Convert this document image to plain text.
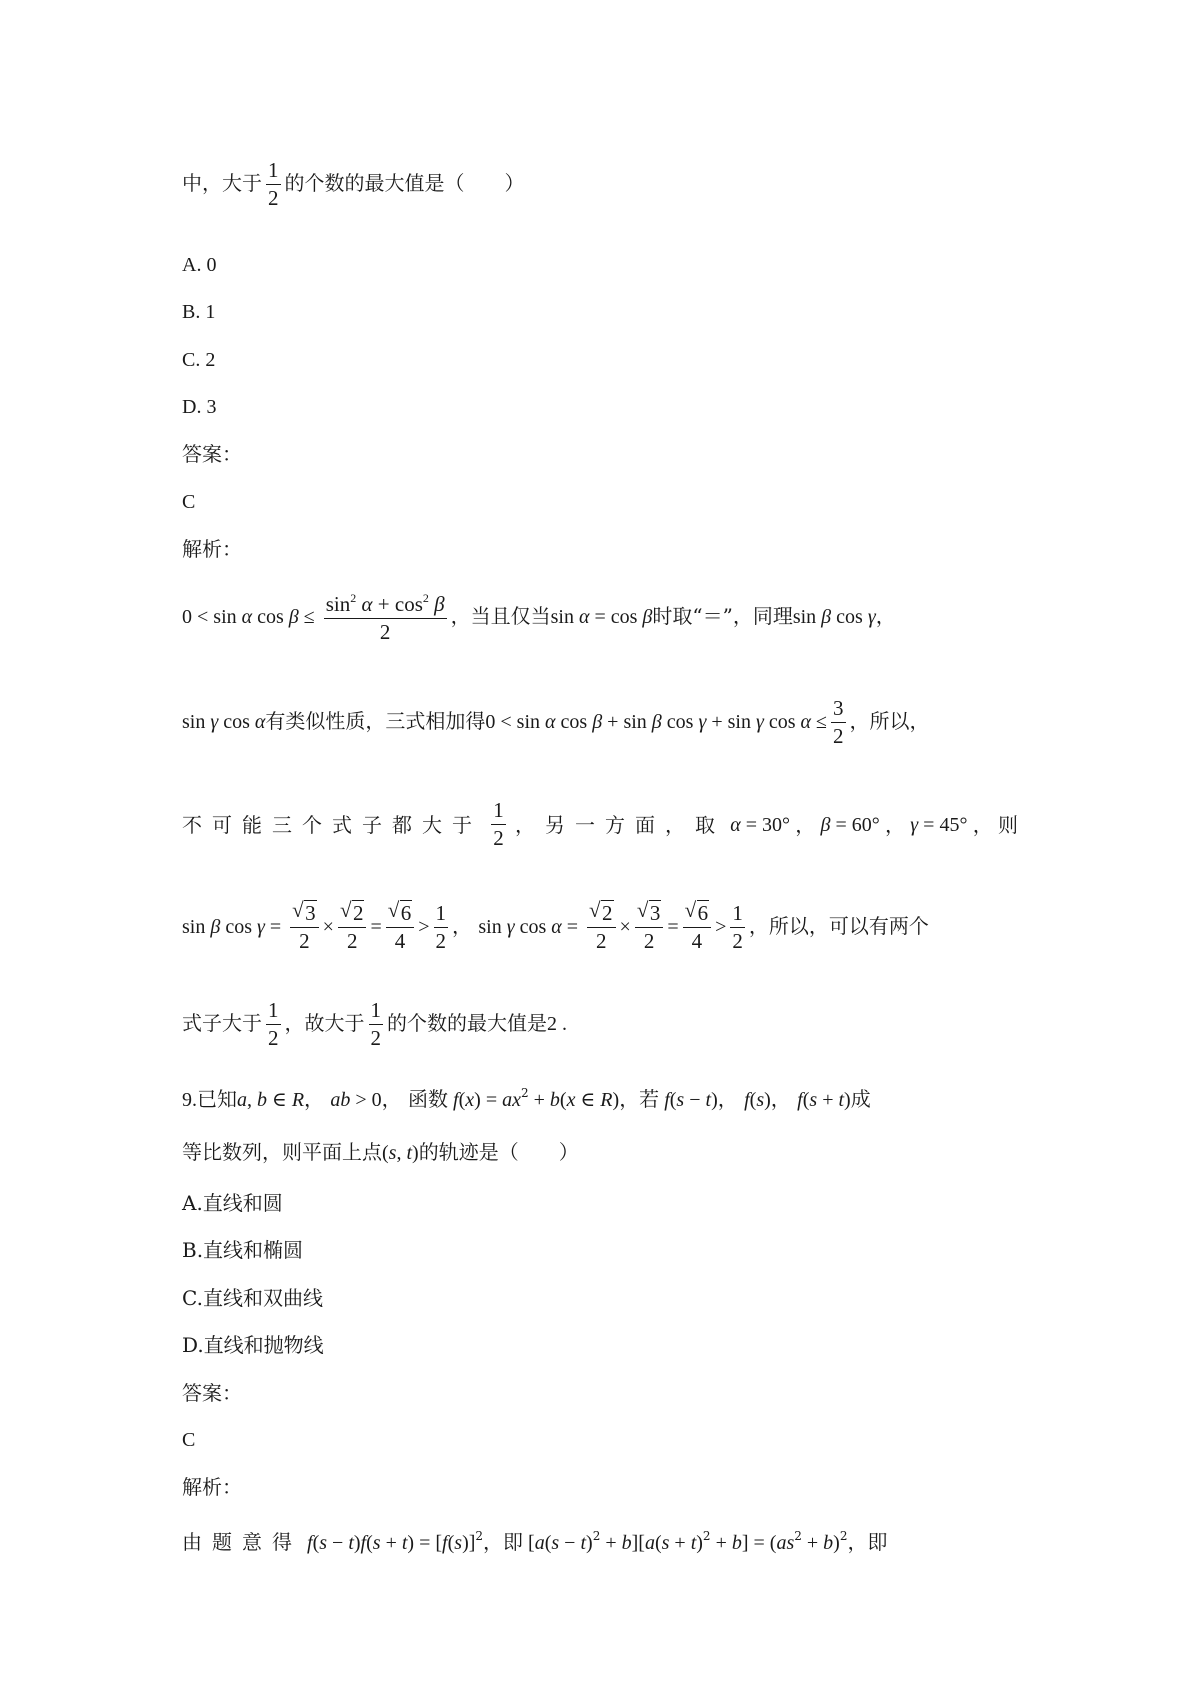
中，大于 $\frac{1}{2}$ 的个数的最大值是（　　）
A. 0
B. 1
C. 2
D. 3
答案：
C
解析：
0 < sin α $\cos \beta \le \frac{\sin^2 \alpha + \cos^2 \beta}{2}$ ，当且仅当sin α = cos β时取“＝”，同理sin β cos γ，
sin γ cos α有类似性质，三式相加得0 < sin α cos β + sin β cos γ + sin γ $\cos \alpha \le \frac{3}{2}$ ，所以，
不可能三个式子都大于 $\frac{1}{2}$ ，另一方面，取 α = 30° ， β = 60° ， γ = 45° ， 则
sin β cos γ = √ $\frac{3}{2}$ × √ $\frac{2}{2}$ = √ $\frac{6}{4} > \frac{1}{2}$ ， sin γ cos α = √ $\frac{2}{2}$ × √ $\frac{3}{2}$ = √ $\frac{6}{4} > \frac{1}{2}$ ，所以，可以有两个
式子大于 $\frac{1}{2}$ ，故大于 $\frac{1}{2}$ 的个数的最大值是2 .
9.已知a, b ∈ R， ab > 0， 函数 $f(x) = ax^2 + b(x$ ∈ R)，若 f(s − t)， f(s)， f(s + t)成
等比数列，则平面上点(s, t)的轨迹是（　　）
A.直线和圆
B.直线和椭圆
C.直线和双曲线
D.直线和抛物线
答案：
C
解析：
由题意得 $f(s - t)f(s + t) = [f(s)]^2$，即 $[a(s - t)^2 + b][a(s + t)^2 + b] = (as^2 + b)^2$，即
